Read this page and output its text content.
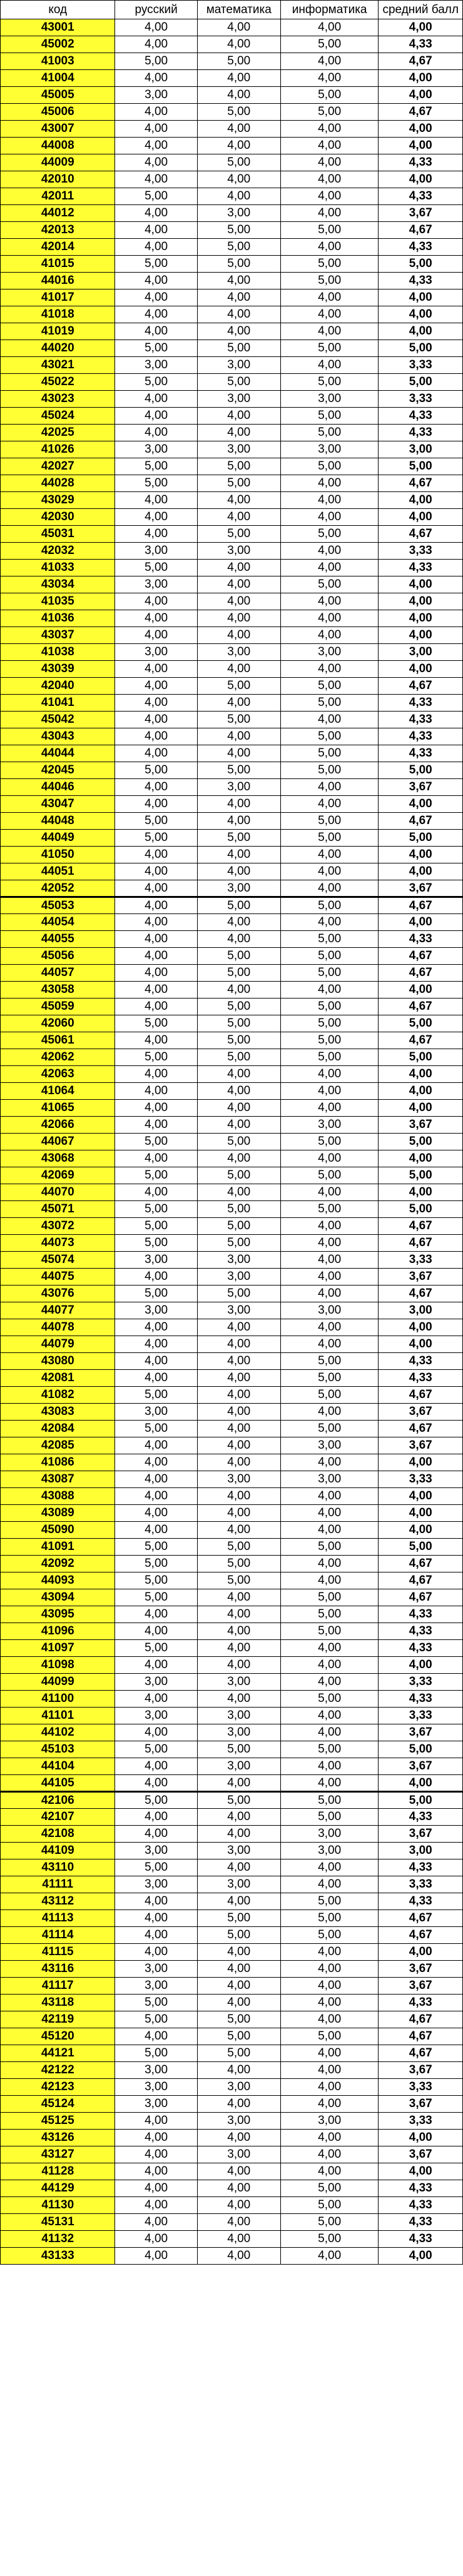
код	русский	математика	информатика	средний балл
43001	4,00	4,00	4,00	4,00
45002	4,00	4,00	5,00	4,33
41003	5,00	5,00	4,00	4,67
41004	4,00	4,00	4,00	4,00
45005	3,00	4,00	5,00	4,00
45006	4,00	5,00	5,00	4,67
43007	4,00	4,00	4,00	4,00
44008	4,00	4,00	4,00	4,00
44009	4,00	5,00	4,00	4,33
42010	4,00	4,00	4,00	4,00
42011	5,00	4,00	4,00	4,33
44012	4,00	3,00	4,00	3,67
42013	4,00	5,00	5,00	4,67
42014	4,00	5,00	4,00	4,33
41015	5,00	5,00	5,00	5,00
44016	4,00	4,00	5,00	4,33
41017	4,00	4,00	4,00	4,00
41018	4,00	4,00	4,00	4,00
41019	4,00	4,00	4,00	4,00
44020	5,00	5,00	5,00	5,00
43021	3,00	3,00	4,00	3,33
45022	5,00	5,00	5,00	5,00
43023	4,00	3,00	3,00	3,33
45024	4,00	4,00	5,00	4,33
42025	4,00	4,00	5,00	4,33
41026	3,00	3,00	3,00	3,00
42027	5,00	5,00	5,00	5,00
44028	5,00	5,00	4,00	4,67
43029	4,00	4,00	4,00	4,00
42030	4,00	4,00	4,00	4,00
45031	4,00	5,00	5,00	4,67
42032	3,00	3,00	4,00	3,33
41033	5,00	4,00	4,00	4,33
43034	3,00	4,00	5,00	4,00
41035	4,00	4,00	4,00	4,00
41036	4,00	4,00	4,00	4,00
43037	4,00	4,00	4,00	4,00
41038	3,00	3,00	3,00	3,00
43039	4,00	4,00	4,00	4,00
42040	4,00	5,00	5,00	4,67
41041	4,00	4,00	5,00	4,33
45042	4,00	5,00	4,00	4,33
43043	4,00	4,00	5,00	4,33
44044	4,00	4,00	5,00	4,33
42045	5,00	5,00	5,00	5,00
44046	4,00	3,00	4,00	3,67
43047	4,00	4,00	4,00	4,00
44048	5,00	4,00	5,00	4,67
44049	5,00	5,00	5,00	5,00
41050	4,00	4,00	4,00	4,00
44051	4,00	4,00	4,00	4,00
42052	4,00	3,00	4,00	3,67
45053	4,00	5,00	5,00	4,67
44054	4,00	4,00	4,00	4,00
44055	4,00	4,00	5,00	4,33
45056	4,00	5,00	5,00	4,67
44057	4,00	5,00	5,00	4,67
43058	4,00	4,00	4,00	4,00
45059	4,00	5,00	5,00	4,67
42060	5,00	5,00	5,00	5,00
45061	4,00	5,00	5,00	4,67
42062	5,00	5,00	5,00	5,00
42063	4,00	4,00	4,00	4,00
41064	4,00	4,00	4,00	4,00
41065	4,00	4,00	4,00	4,00
42066	4,00	4,00	3,00	3,67
44067	5,00	5,00	5,00	5,00
43068	4,00	4,00	4,00	4,00
42069	5,00	5,00	5,00	5,00
44070	4,00	4,00	4,00	4,00
45071	5,00	5,00	5,00	5,00
43072	5,00	5,00	4,00	4,67
44073	5,00	5,00	4,00	4,67
45074	3,00	3,00	4,00	3,33
44075	4,00	3,00	4,00	3,67
43076	5,00	5,00	4,00	4,67
44077	3,00	3,00	3,00	3,00
44078	4,00	4,00	4,00	4,00
44079	4,00	4,00	4,00	4,00
43080	4,00	4,00	5,00	4,33
42081	4,00	4,00	5,00	4,33
41082	5,00	4,00	5,00	4,67
43083	3,00	4,00	4,00	3,67
42084	5,00	4,00	5,00	4,67
42085	4,00	4,00	3,00	3,67
41086	4,00	4,00	4,00	4,00
43087	4,00	3,00	3,00	3,33
43088	4,00	4,00	4,00	4,00
43089	4,00	4,00	4,00	4,00
45090	4,00	4,00	4,00	4,00
41091	5,00	5,00	5,00	5,00
42092	5,00	5,00	4,00	4,67
44093	5,00	5,00	4,00	4,67
43094	5,00	4,00	5,00	4,67
43095	4,00	4,00	5,00	4,33
41096	4,00	4,00	5,00	4,33
41097	5,00	4,00	4,00	4,33
41098	4,00	4,00	4,00	4,00
44099	3,00	3,00	4,00	3,33
41100	4,00	4,00	5,00	4,33
41101	3,00	3,00	4,00	3,33
44102	4,00	3,00	4,00	3,67
45103	5,00	5,00	5,00	5,00
44104	4,00	3,00	4,00	3,67
44105	4,00	4,00	4,00	4,00
42106	5,00	5,00	5,00	5,00
42107	4,00	4,00	5,00	4,33
42108	4,00	4,00	3,00	3,67
44109	3,00	3,00	3,00	3,00
43110	5,00	4,00	4,00	4,33
41111	3,00	3,00	4,00	3,33
43112	4,00	4,00	5,00	4,33
41113	4,00	5,00	5,00	4,67
41114	4,00	5,00	5,00	4,67
41115	4,00	4,00	4,00	4,00
43116	3,00	4,00	4,00	3,67
41117	3,00	4,00	4,00	3,67
43118	5,00	4,00	4,00	4,33
42119	5,00	5,00	4,00	4,67
45120	4,00	5,00	5,00	4,67
44121	5,00	5,00	4,00	4,67
42122	3,00	4,00	4,00	3,67
42123	3,00	3,00	4,00	3,33
45124	3,00	4,00	4,00	3,67
45125	4,00	3,00	3,00	3,33
43126	4,00	4,00	4,00	4,00
43127	4,00	3,00	4,00	3,67
41128	4,00	4,00	4,00	4,00
44129	4,00	4,00	5,00	4,33
41130	4,00	4,00	5,00	4,33
45131	4,00	4,00	5,00	4,33
41132	4,00	4,00	5,00	4,33
43133	4,00	4,00	4,00	4,00
